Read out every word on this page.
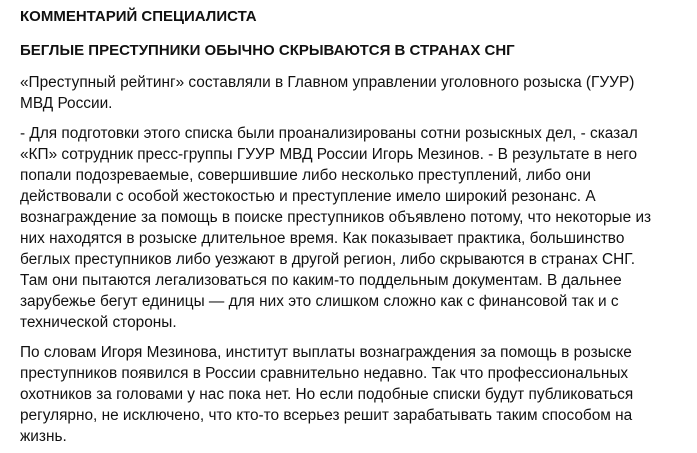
КОММЕНТАРИЙ СПЕЦИАЛИСТА
БЕГЛЫЕ ПРЕСТУПНИКИ ОБЫЧНО СКРЫВАЮТСЯ В СТРАНАХ СНГ
«Преступный рейтинг» составляли в Главном управлении уголовного розыска (ГУУР)
МВД России.
- Для подготовки этого списка были проанализированы сотни розыскных дел, - сказал
«КП» сотрудник пресс-группы ГУУР МВД России Игорь Мезинов. - В результате в него
попали подозреваемые, совершившие либо несколько преступлений, либо они
действовали с особой жестокостью и преступление имело широкий резонанс. А
вознаграждение за помощь в поиске преступников объявлено потому, что некоторые из
них находятся в розыске длительное время. Как показывает практика, большинство
беглых преступников либо уезжают в другой регион, либо скрываются в странах СНГ.
Там они пытаются легализоваться по каким-то поддельным документам. В дальнее
зарубежье бегут единицы — для них это слишком сложно как с финансовой так и с
технической стороны.
По словам Игоря Мезинова, институт выплаты вознаграждения за помощь в розыске
преступников появился в России сравнительно недавно. Так что профессиональных
охотников за головами у нас пока нет. Но если подобные списки будут публиковаться
регулярно, не исключено, что кто-то всерьез решит зарабатывать таким способом на
жизнь.
